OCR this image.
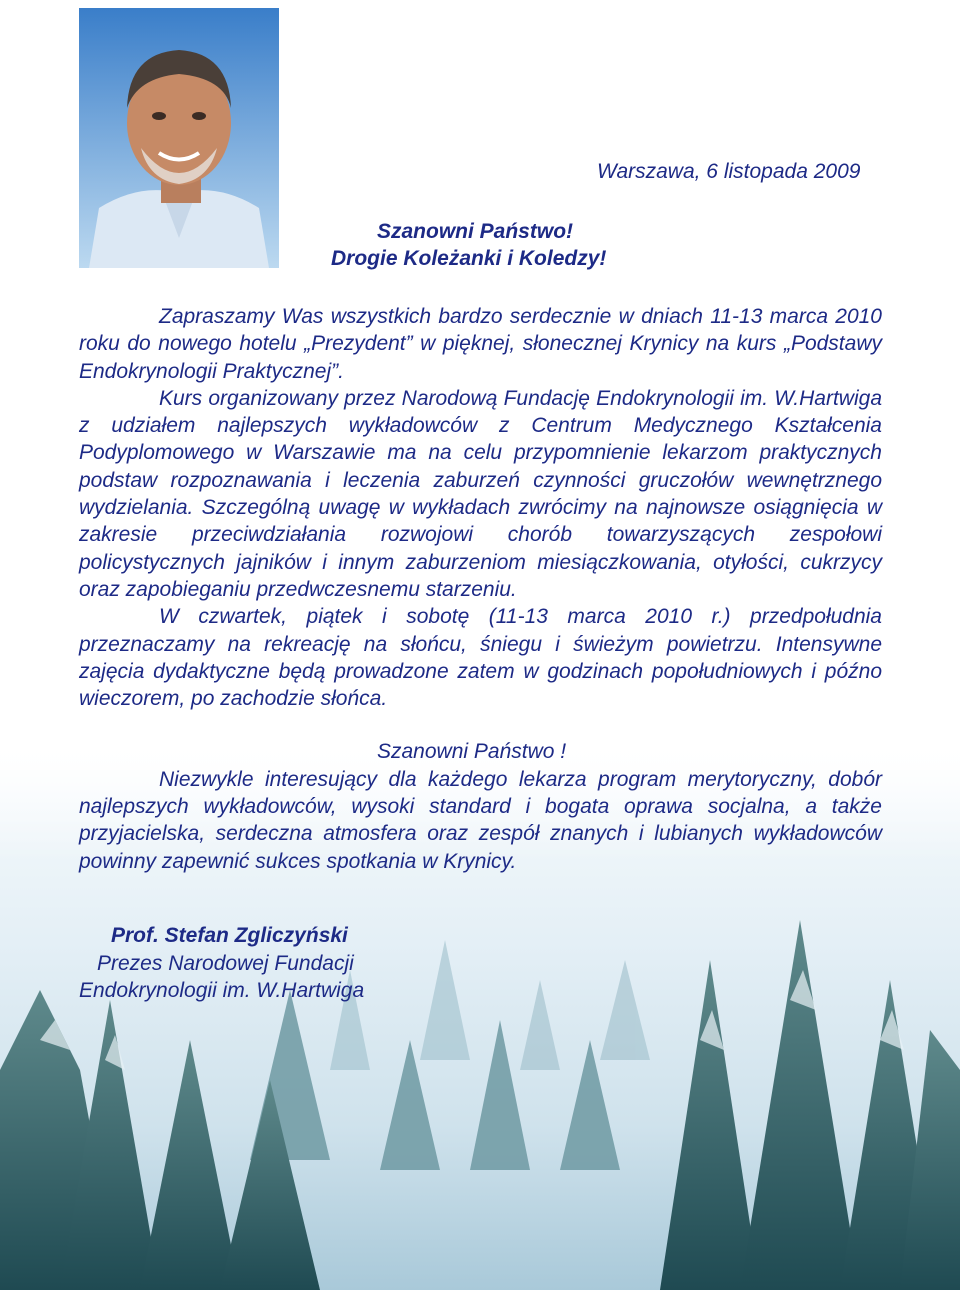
Warszawa, 6 listopada 2009
Szanowni Państwo!
Drogie Koleżanki i Koledzy!

Zapraszamy Was wszystkich bardzo serdecznie w dniach 11-13 marca 2010 roku do nowego hotelu „Prezydent” w pięknej, słonecznej Krynicy na kurs „Podstawy Endokrynologii Praktycznej”.

Kurs organizowany przez Narodową Fundację Endokrynologii im. W.Hartwiga z udziałem najlepszych wykładowców z Centrum Medycznego Kształcenia Podyplomowego w Warszawie ma na celu przypomnienie lekarzom praktycznych podstaw rozpoznawania i leczenia zaburzeń czynności gruczołów wewnętrznego wydzielania. Szczególną uwagę w wykładach zwrócimy na najnowsze osiągnięcia w zakresie przeciwdziałania rozwojowi chorób towarzyszących zespołowi policystycznych jajników i innym zaburzeniom miesiączkowania, otyłości, cukrzycy oraz zapobieganiu przedwczesnemu starzeniu.

W czwartek, piątek i sobotę (11-13 marca 2010 r.) przedpołudnia przeznaczamy na rekreację na słońcu, śniegu i świeżym powietrzu. Intensywne zajęcia dydaktyczne będą prowadzone zatem w godzinach popołudniowych i późno wieczorem, po zachodzie słońca.

Szanowni Państwo !

Niezwykle interesujący dla każdego lekarza program merytoryczny, dobór najlepszych wykładowców, wysoki standard i bogata oprawa socjalna, a także przyjacielska, serdeczna atmosfera oraz zespół znanych i lubianych wykładowców powinny zapewnić sukces spotkania w Krynicy.

Prof. Stefan Zgliczyński
Prezes Narodowej Fundacji
Endokrynologii im. W.Hartwiga
